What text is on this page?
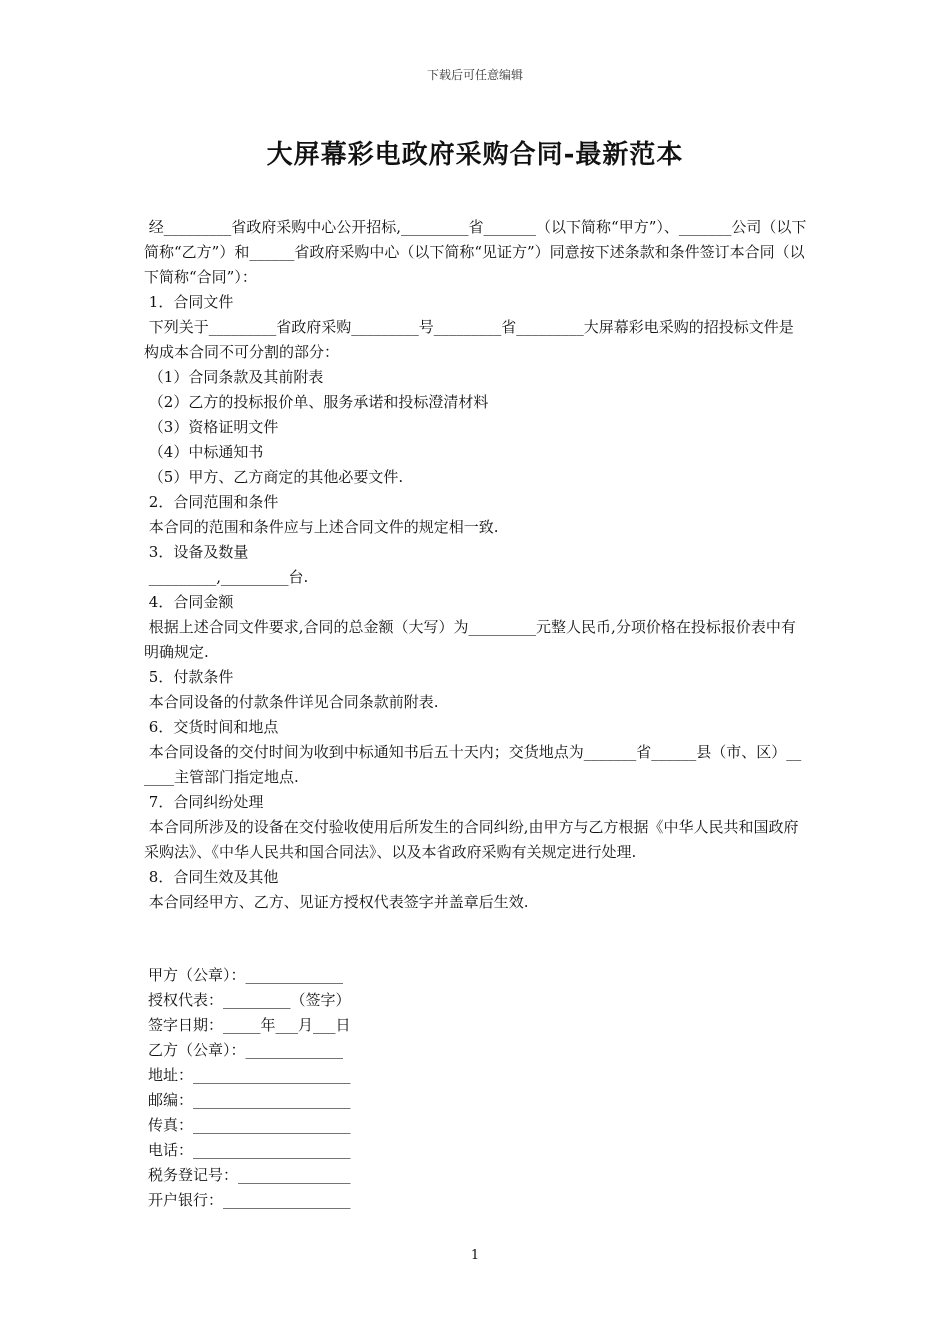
下载后可任意编辑
大屏幕彩电政府采购合同-最新范本

经_________省政府采购中心公开招标,_________省_______（以下简称“甲方”）、_______公司（以下简称“乙方”）和______省政府采购中心（以下简称“见证方”）同意按下述条款和条件签订本合同（以下简称“合同”）：

1．合同文件

下列关于_________省政府采购_________号_________省_________大屏幕彩电采购的招投标文件是构成本合同不可分割的部分：

（1）合同条款及其前附表

（2）乙方的投标报价单、服务承诺和投标澄清材料

（3）资格证明文件

（4）中标通知书

（5）甲方、乙方商定的其他必要文件.

2．合同范围和条件

本合同的范围和条件应与上述合同文件的规定相一致.

3．设备及数量

_________,_________台.

4．合同金额

根据上述合同文件要求,合同的总金额（大写）为_________元整人民币,分项价格在投标报价表中有明确规定.

5．付款条件

本合同设备的付款条件详见合同条款前附表.

6．交货时间和地点

本合同设备的交付时间为收到中标通知书后五十天内；交货地点为_______省______县（市、区）______主管部门指定地点.

7．合同纠纷处理

本合同所涉及的设备在交付验收使用后所发生的合同纠纷,由甲方与乙方根据《中华人民共和国政府采购法》、《中华人民共和国合同法》、以及本省政府采购有关规定进行处理.

8．合同生效及其他

本合同经甲方、乙方、见证方授权代表签字并盖章后生效.

甲方（公章）：_____________

授权代表：_________（签字）

签字日期：_____年___月___日

乙方（公章）：_____________

地址：_____________________

邮编：_____________________

传真：_____________________

电话：_____________________

税务登记号：_______________

开户银行：_________________

1
